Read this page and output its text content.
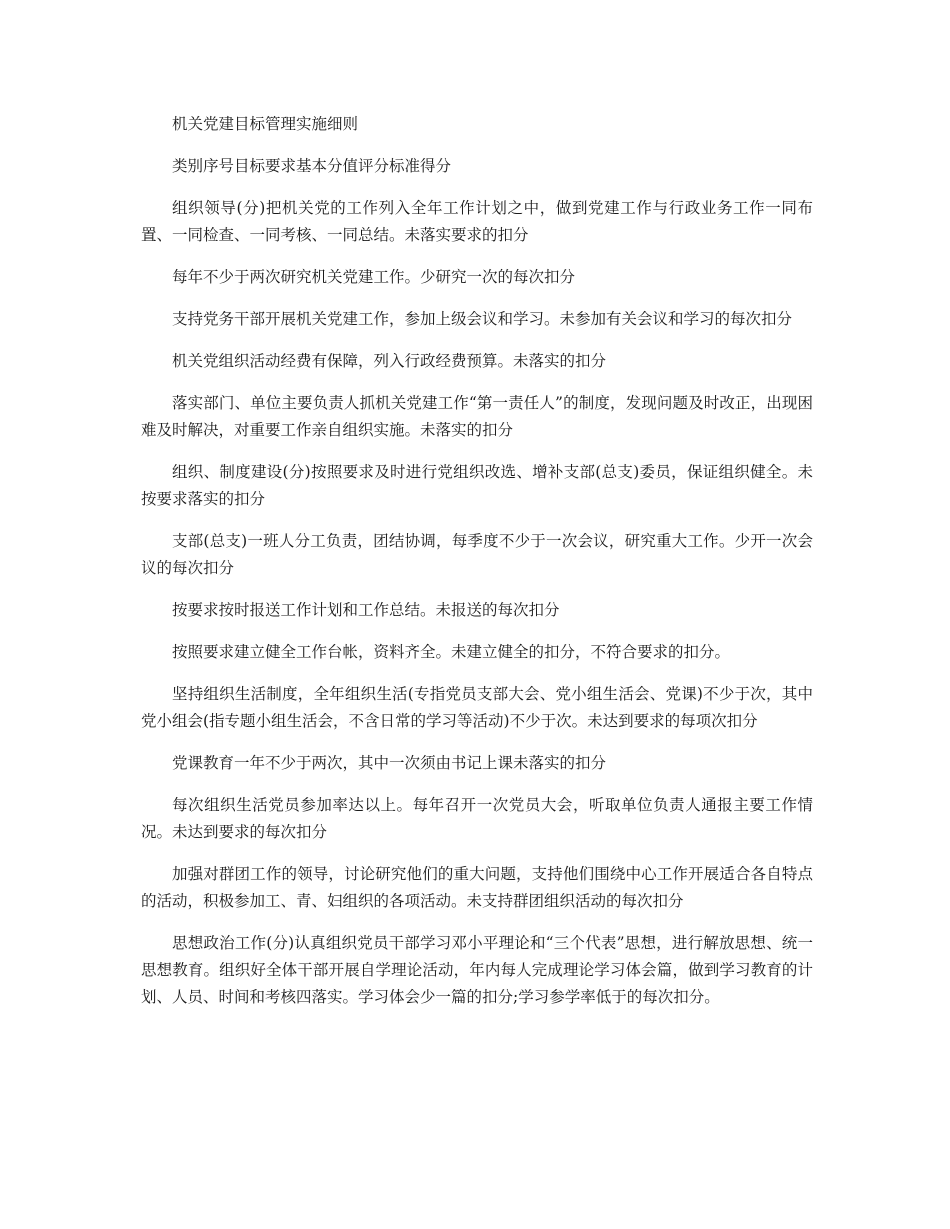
机关党建目标管理实施细则

类别序号目标要求基本分值评分标准得分

组织领导(分)把机关党的工作列入全年工作计划之中，做到党建工作与行政业务工作一同布置、一同检查、一同考核、一同总结。未落实要求的扣分

每年不少于两次研究机关党建工作。少研究一次的每次扣分

支持党务干部开展机关党建工作，参加上级会议和学习。未参加有关会议和学习的每次扣分

机关党组织活动经费有保障，列入行政经费预算。未落实的扣分

落实部门、单位主要负责人抓机关党建工作“第一责任人”的制度，发现问题及时改正，出现困难及时解决，对重要工作亲自组织实施。未落实的扣分

组织、制度建设(分)按照要求及时进行党组织改选、增补支部(总支)委员，保证组织健全。未按要求落实的扣分

支部(总支)一班人分工负责，团结协调，每季度不少于一次会议，研究重大工作。少开一次会议的每次扣分

按要求按时报送工作计划和工作总结。未报送的每次扣分

按照要求建立健全工作台帐，资料齐全。未建立健全的扣分，不符合要求的扣分。

坚持组织生活制度，全年组织生活(专指党员支部大会、党小组生活会、党课)不少于次，其中党小组会(指专题小组生活会，不含日常的学习等活动)不少于次。未达到要求的每项次扣分

党课教育一年不少于两次，其中一次须由书记上课未落实的扣分

每次组织生活党员参加率达以上。每年召开一次党员大会，听取单位负责人通报主要工作情况。未达到要求的每次扣分

加强对群团工作的领导，讨论研究他们的重大问题，支持他们围绕中心工作开展适合各自特点的活动，积极参加工、青、妇组织的各项活动。未支持群团组织活动的每次扣分

思想政治工作(分)认真组织党员干部学习邓小平理论和“三个代表”思想，进行解放思想、统一思想教育。组织好全体干部开展自学理论活动，年内每人完成理论学习体会篇，做到学习教育的计划、人员、时间和考核四落实。学习体会少一篇的扣分;学习参学率低于的每次扣分。
